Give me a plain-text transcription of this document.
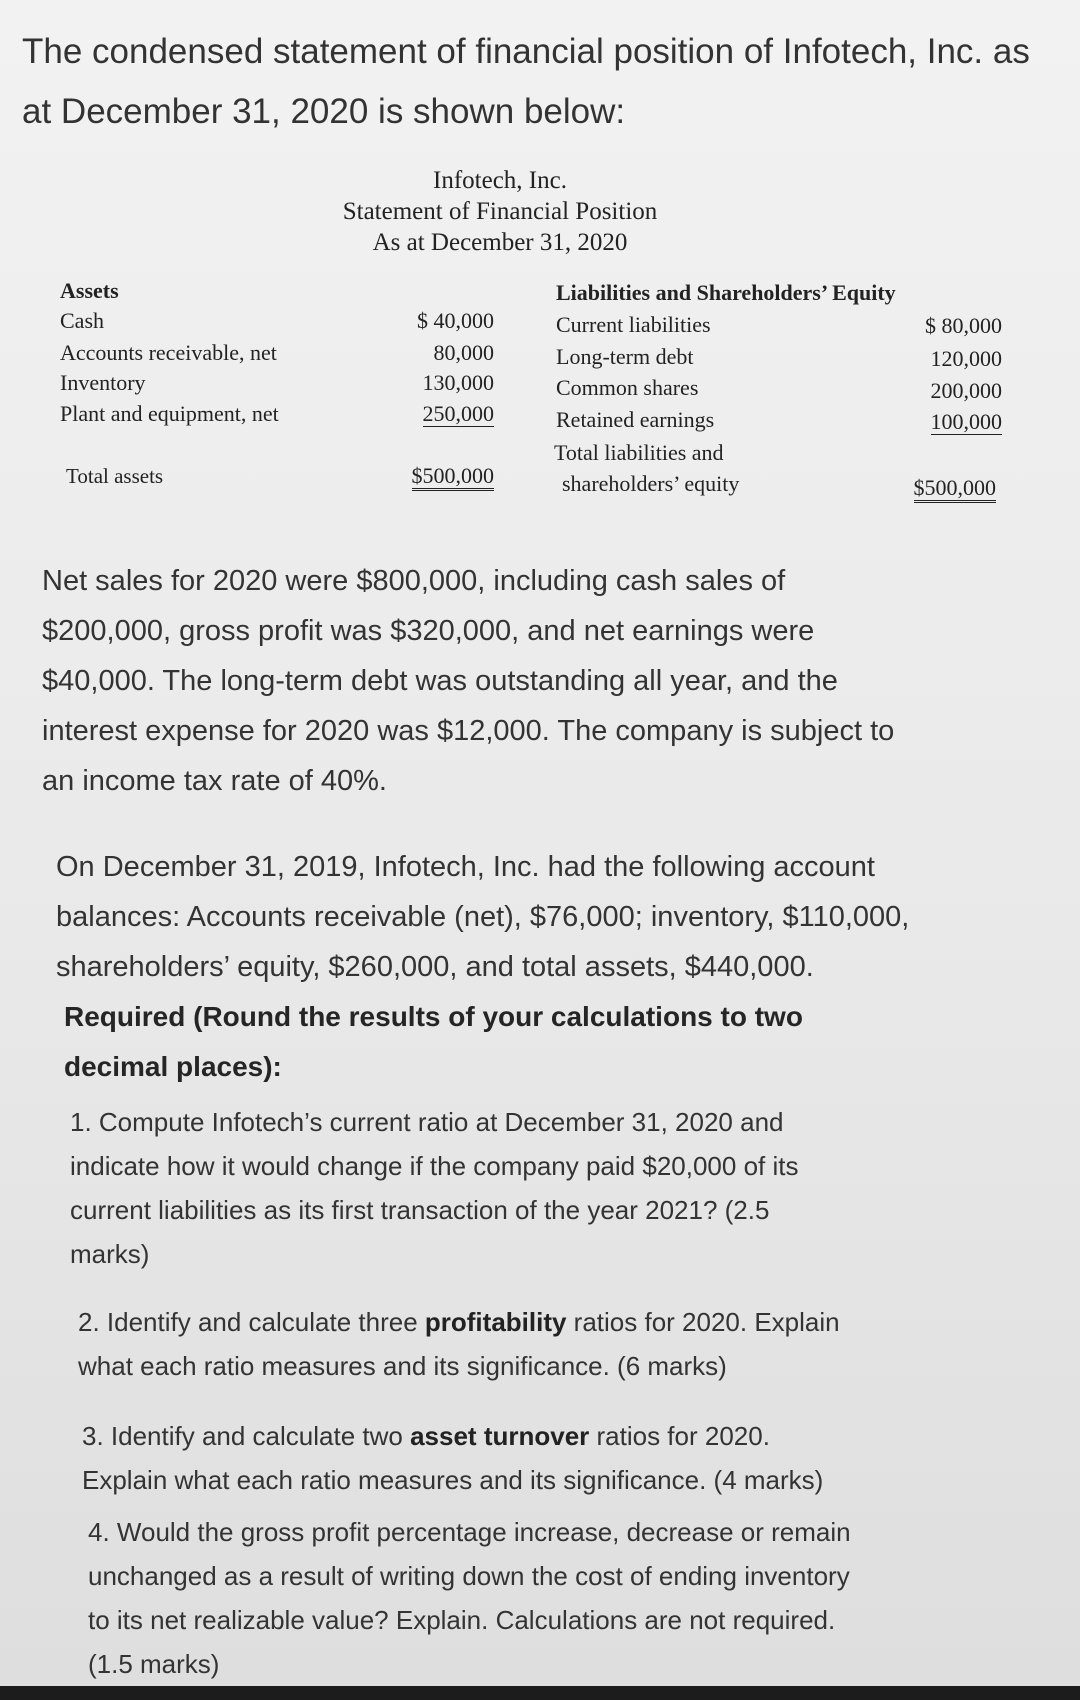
The condensed statement of financial position of Infotech, Inc. as
at December 31, 2020 is shown below:
Infotech, Inc.
Statement of Financial Position
As at December 31, 2020
Assets
Cash	$ 40,000
Accounts receivable, net	80,000
Inventory	130,000
Plant and equipment, net	250,000
Total assets	$500,000
Liabilities and Shareholders’ Equity
Current liabilities	$ 80,000
Long-term debt	120,000
Common shares	200,000
Retained earnings	100,000
Total liabilities and
shareholders’ equity	$500,000
Net sales for 2020 were $800,000, including cash sales of
$200,000, gross profit was $320,000, and net earnings were
$40,000. The long-term debt was outstanding all year, and the
interest expense for 2020 was $12,000. The company is subject to
an income tax rate of 40%.
On December 31, 2019, Infotech, Inc. had the following account
balances: Accounts receivable (net), $76,000; inventory, $110,000,
shareholders’ equity, $260,000, and total assets, $440,000.
Required (Round the results of your calculations to two
decimal places):
1. Compute Infotech’s current ratio at December 31, 2020 and
indicate how it would change if the company paid $20,000 of its
current liabilities as its first transaction of the year 2021? (2.5
marks)
2. Identify and calculate three profitability ratios for 2020. Explain
what each ratio measures and its significance. (6 marks)
3. Identify and calculate two asset turnover ratios for 2020.
Explain what each ratio measures and its significance. (4 marks)
4. Would the gross profit percentage increase, decrease or remain
unchanged as a result of writing down the cost of ending inventory
to its net realizable value? Explain. Calculations are not required.
(1.5 marks)
